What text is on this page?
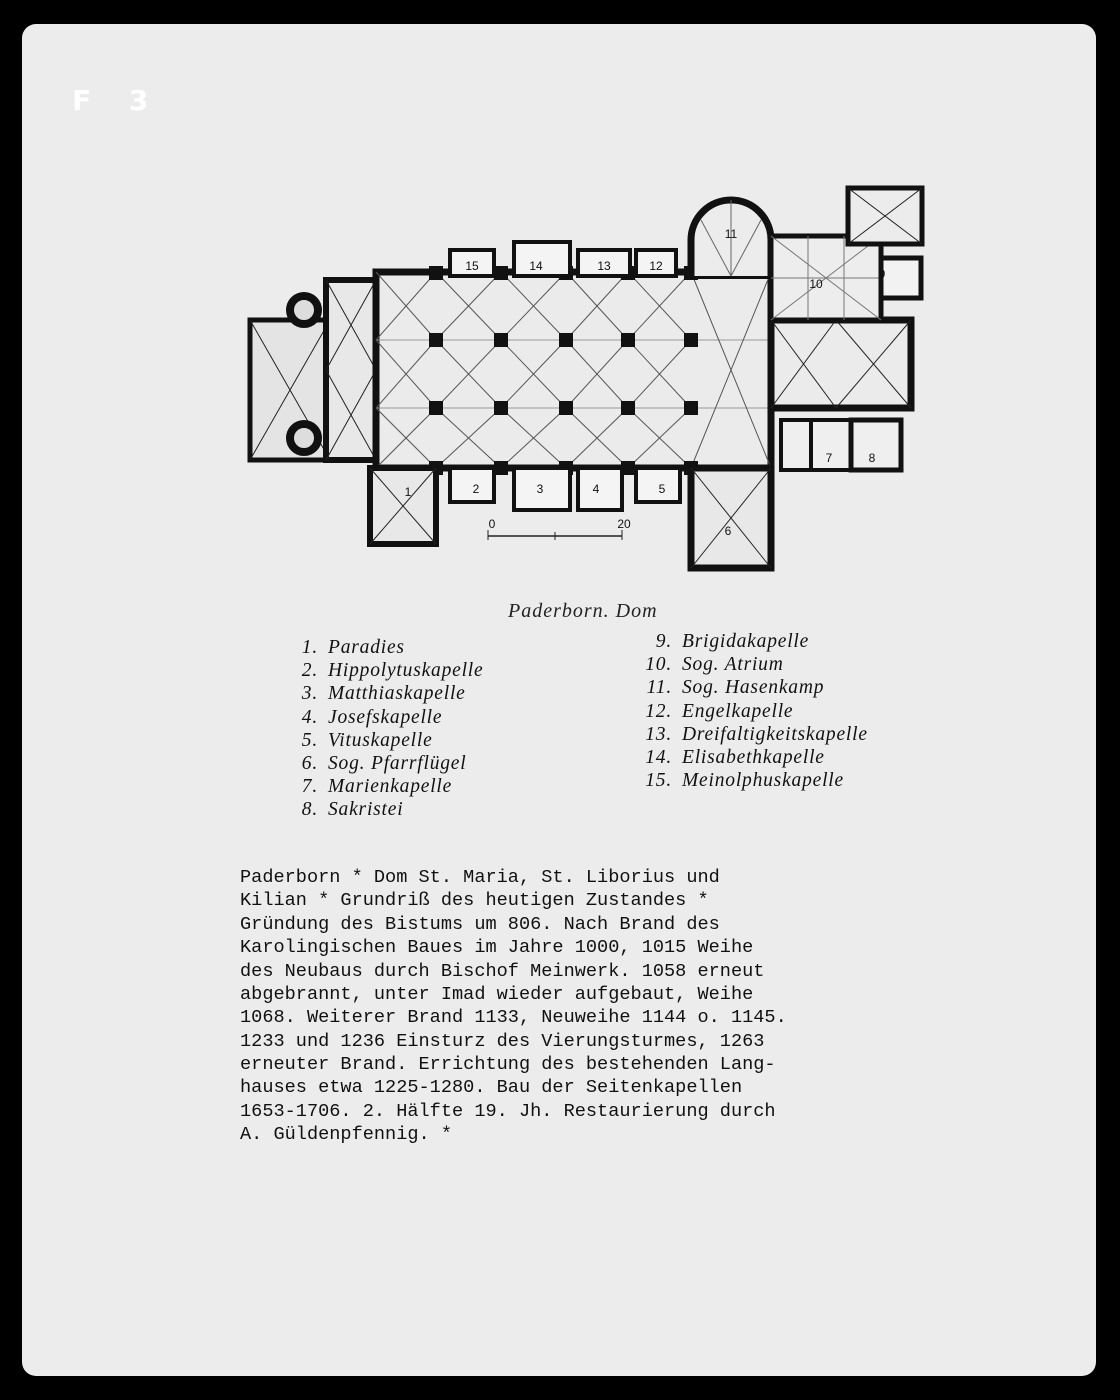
F 3
1	2	3	4	5
6
7	8
9
10
11
12
13
14
15
0	20
Paderborn. Dom
1. Paradies
2. Hippolytuskapelle
3. Matthiaskapelle
4. Josefskapelle
5. Vituskapelle
6. Sog. Pfarrflügel
7. Marienkapelle
8. Sakristei
9. Brigidakapelle
10. Sog. Atrium
11. Sog. Hasenkamp
12. Engelkapelle
13. Dreifaltigkeitskapelle
14. Elisabethkapelle
15. Meinolphuskapelle
Paderborn * Dom St. Maria, St. Liborius und
Kilian * Grundriß des heutigen Zustandes *
Gründung des Bistums um 806. Nach Brand des
Karolingischen Baues im Jahre 1000, 1015 Weihe
des Neubaus durch Bischof Meinwerk. 1058 erneut
abgebrannt, unter Imad wieder aufgebaut, Weihe
1068. Weiterer Brand 1133, Neuweihe 1144 o. 1145.
1233 und 1236 Einsturz des Vierungsturmes, 1263
erneuter Brand. Errichtung des bestehenden Lang-
hauses etwa 1225-1280. Bau der Seitenkapellen
1653-1706. 2. Hälfte 19. Jh. Restaurierung durch
A. Güldenpfennig. *
